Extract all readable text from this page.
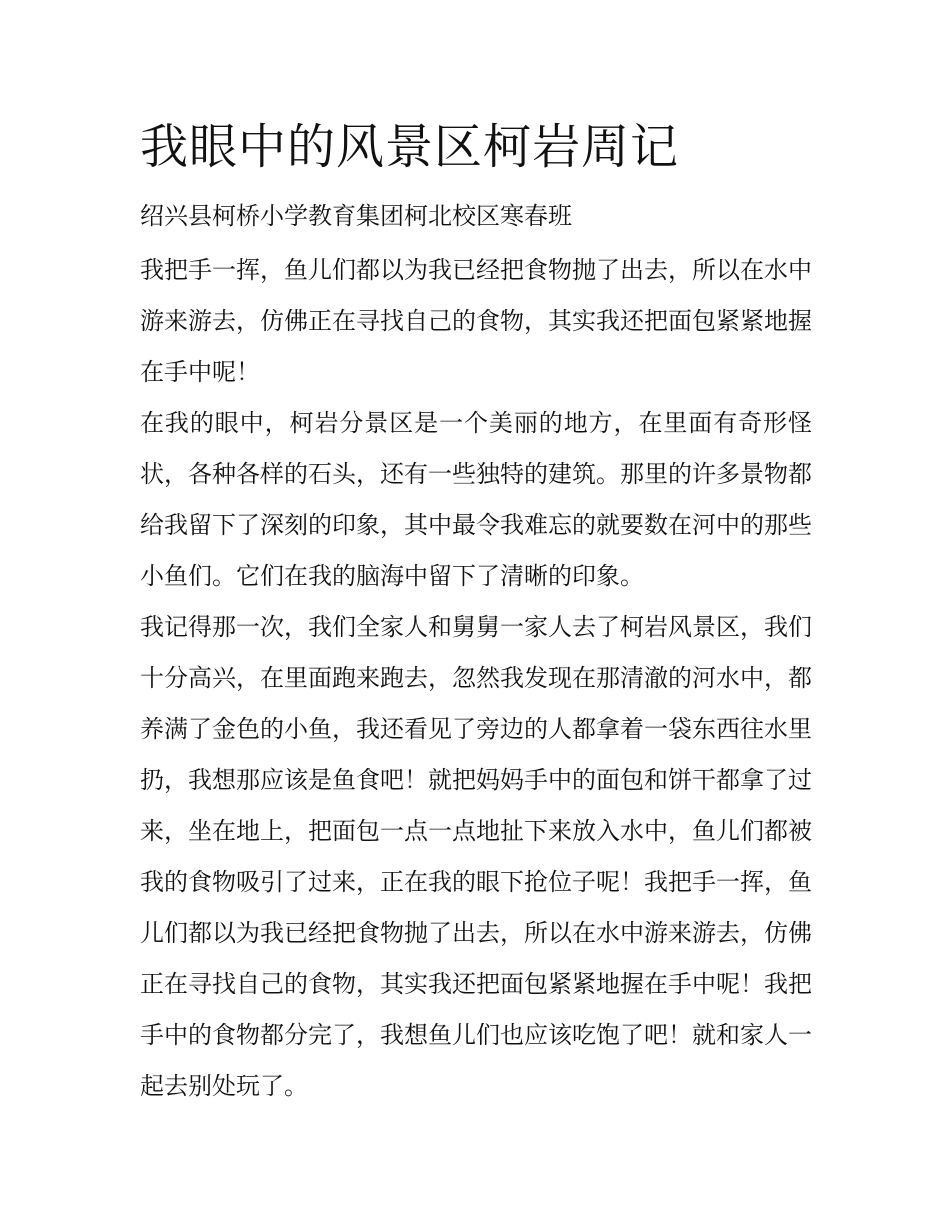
我眼中的风景区柯岩周记

绍兴县柯桥小学教育集团柯北校区寒春班

我把手一挥，鱼儿们都以为我已经把食物抛了出去，所以在水中游来游去，仿佛正在寻找自己的食物，其实我还把面包紧紧地握在手中呢！

在我的眼中，柯岩分景区是一个美丽的地方，在里面有奇形怪状，各种各样的石头，还有一些独特的建筑。那里的许多景物都给我留下了深刻的印象，其中最令我难忘的就要数在河中的那些小鱼们。它们在我的脑海中留下了清晰的印象。

我记得那一次，我们全家人和舅舅一家人去了柯岩风景区，我们十分高兴，在里面跑来跑去，忽然我发现在那清澈的河水中，都养满了金色的小鱼，我还看见了旁边的人都拿着一袋东西往水里扔，我想那应该是鱼食吧！就把妈妈手中的面包和饼干都拿了过来，坐在地上，把面包一点一点地扯下来放入水中，鱼儿们都被我的食物吸引了过来，正在我的眼下抢位子呢！我把手一挥，鱼儿们都以为我已经把食物抛了出去，所以在水中游来游去，仿佛正在寻找自己的食物，其实我还把面包紧紧地握在手中呢！我把手中的食物都分完了，我想鱼儿们也应该吃饱了吧！就和家人一起去别处玩了。
